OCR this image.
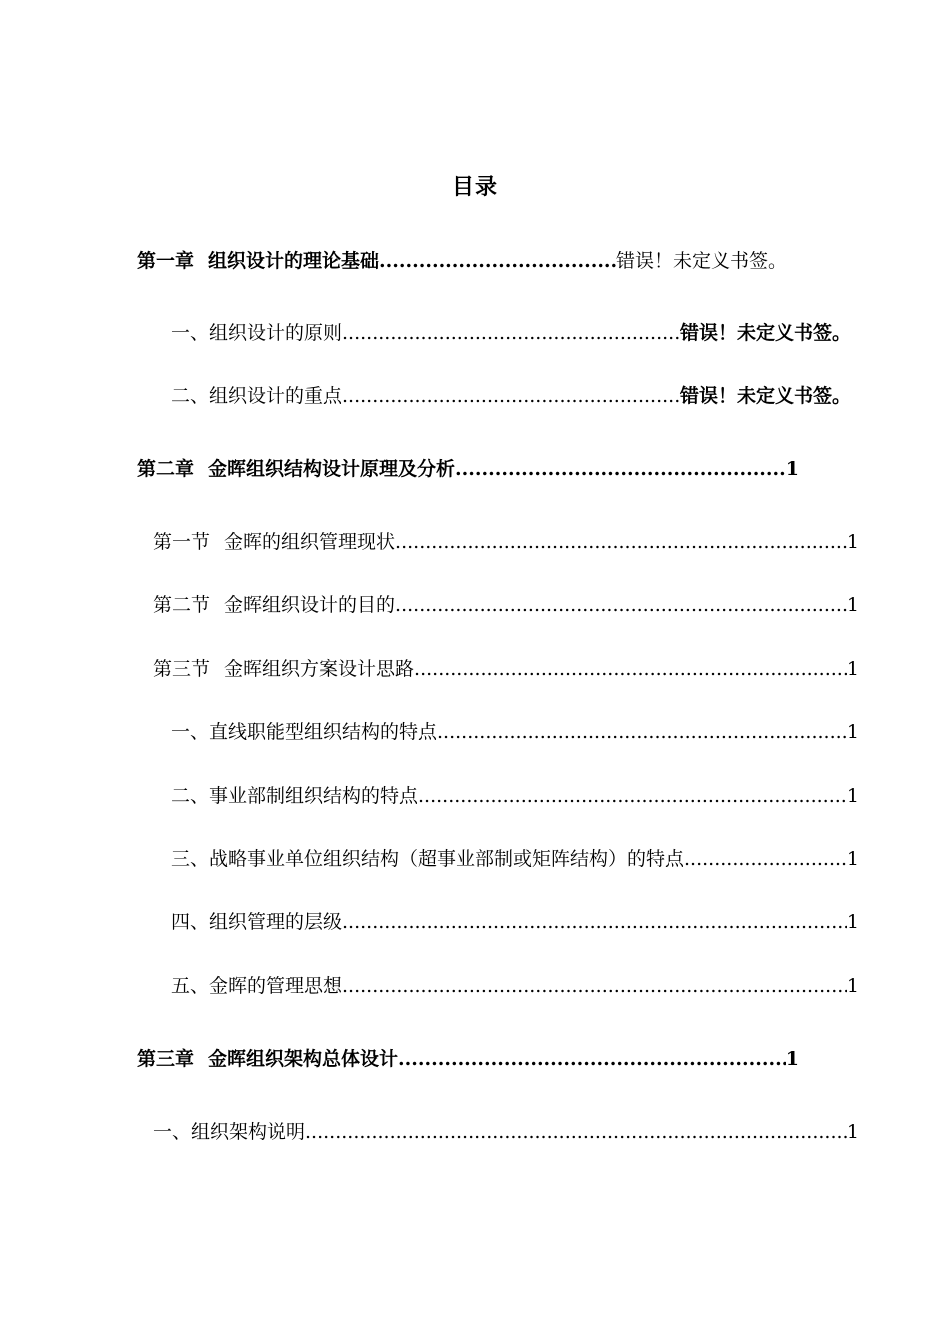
目录
第一章 组织设计的理论基础 .....	错误！未定义书签。
一、组织设计的原则 .....	错误！未定义书签。
二、组织设计的重点 .....	错误！未定义书签。
第二章 金晖组织结构设计原理及分析 .....	1
第一节 金晖的组织管理现状 .....	1
第二节 金晖组织设计的目的 .....	1
第三节 金晖组织方案设计思路 .....	1
一、直线职能型组织结构的特点 .....	1
二、事业部制组织结构的特点 .....	1
三、战略事业单位组织结构（超事业部制或矩阵结构）的特点 .....	1
四、组织管理的层级 .....	1
五、金晖的管理思想 .....	1
第三章 金晖组织架构总体设计 .....	1
一、组织架构说明 .....	1
